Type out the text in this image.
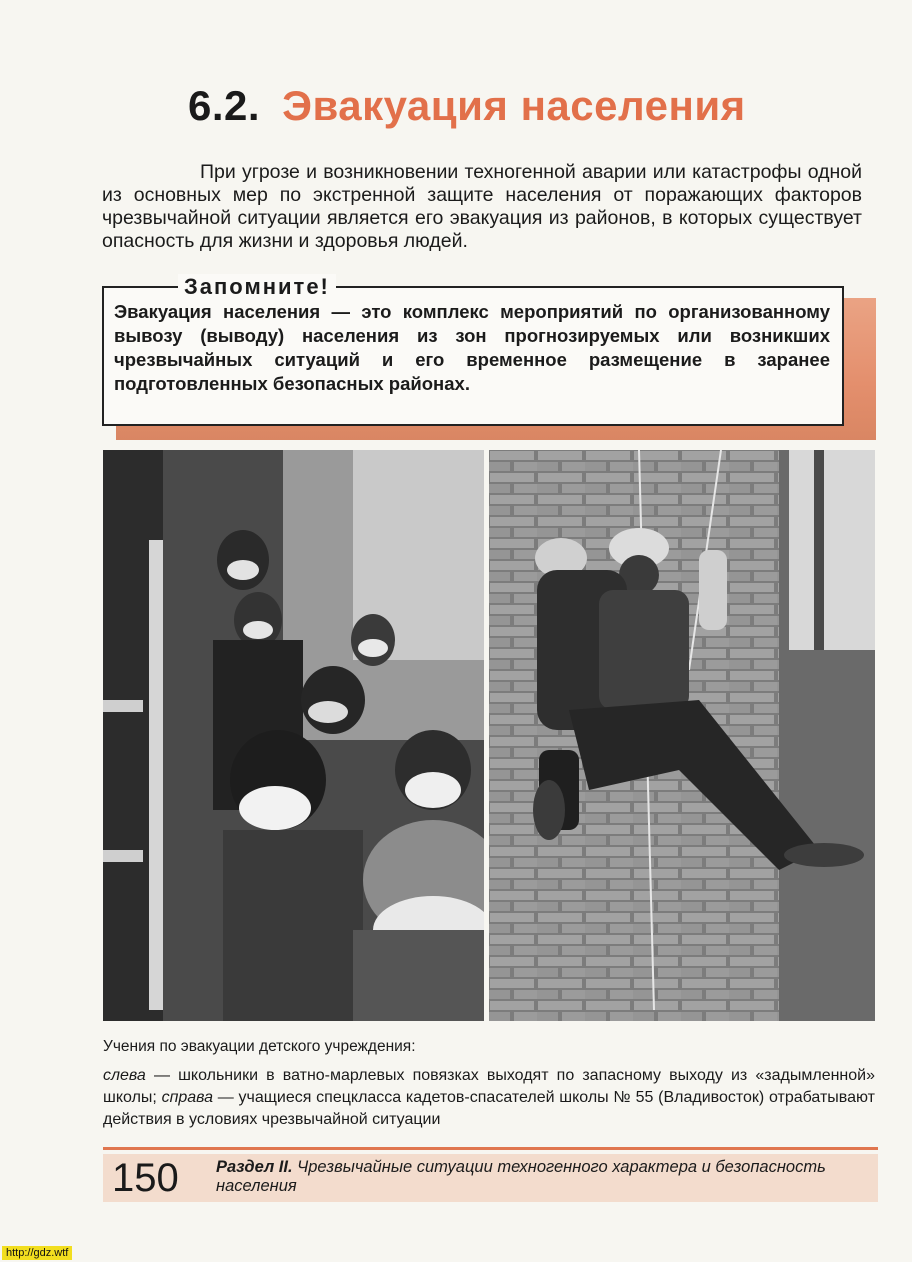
6.2. Эвакуация населения

При угрозе и возникновении техногенной аварии или катастрофы одной из основных мер по экстренной защите населения от поражающих факторов чрезвычайной ситуации является его эвакуация из районов, в которых существует опасность для жизни и здоровья людей.

Запомните!
Эвакуация населения — это комплекс мероприятий по организованному вывозу (выводу) населения из зон прогнозируемых или возникших чрезвычайных ситуаций и его временное размещение в заранее подготовленных безопасных районах.
Учения по эвакуации детского учреждения:
слева — школьники в ватно-марлевых повязках выходят по запасному выходу из «задымленной» школы; справа — учащиеся спецкласса кадетов-спасателей школы № 55 (Владивосток) отрабатывают действия в условиях чрезвычайной ситуации
150 Раздел II. Чрезвычайные ситуации техногенного характера и безопасность населения
http://gdz.wtf
